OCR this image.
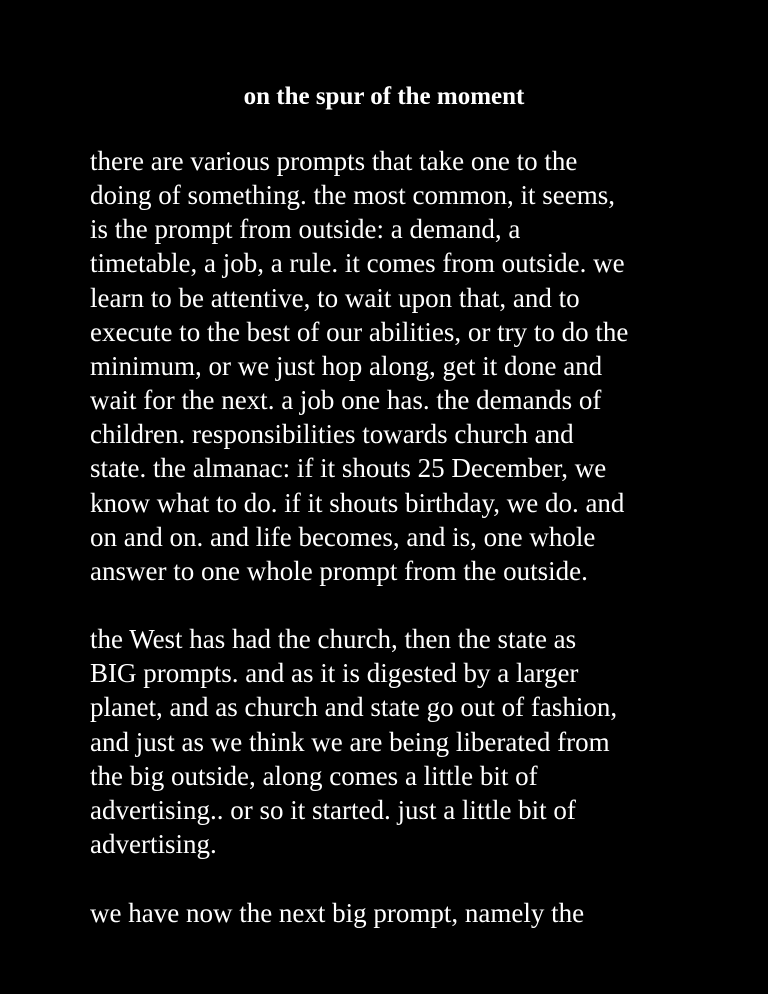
on the spur of the moment

there are various prompts that take one to the

doing of something. the most common, it seems,

is the prompt from outside: a demand, a

timetable, a job, a rule. it comes from outside. we

learn to be attentive, to wait upon that, and to

execute to the best of our abilities, or try to do the

minimum, or we just hop along, get it done and

wait for the next. a job one has. the demands of

children. responsibilities towards church and

state. the almanac: if it shouts 25 December, we

know what to do. if it shouts birthday, we do. and

on and on. and life becomes, and is, one whole

answer to one whole prompt from the outside.

the West has had the church, then the state as

BIG prompts. and as it is digested by a larger

planet, and as church and state go out of fashion,

and just as we think we are being liberated from

the big outside, along comes a little bit of

advertising.. or so it started. just a little bit of

advertising.

we have now the next big prompt, namely the
